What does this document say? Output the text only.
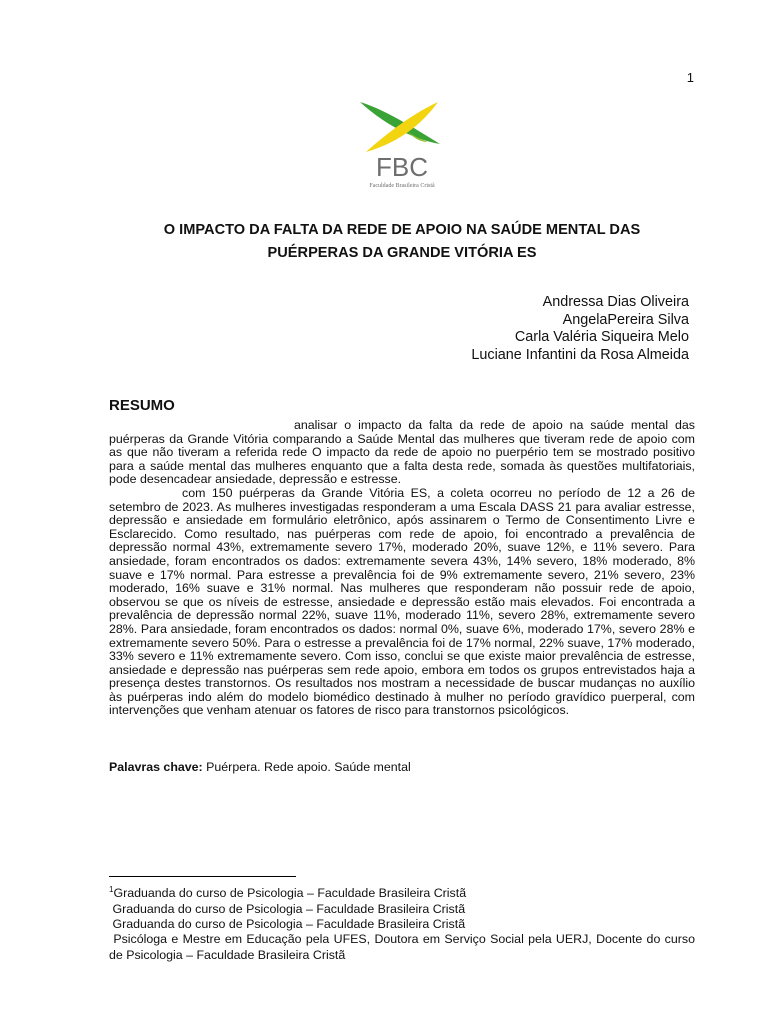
1
FBC
Faculdade Brasileira Cristã
O IMPACTO DA FALTA DA REDE DE APOIO NA SAÚDE MENTAL DAS
PUÉRPERAS DA GRANDE VITÓRIA ES
Andressa Dias Oliveira
AngelaPereira Silva
Carla Valéria Siqueira Melo
Luciane Infantini da Rosa Almeida
RESUMO

analisar o impacto da falta da rede de apoio na saúde mental das puérperas da Grande Vitória comparando a Saúde Mental das mulheres que tiveram rede de apoio com as que não tiveram a referida rede O impacto da rede de apoio no puerpério tem se mostrado positivo para a saúde mental das mulheres enquanto que a falta desta rede, somada às questões multifatoriais, pode desencadear ansiedade, depressão e estresse.

com 150 puérperas da Grande Vitória ES, a coleta ocorreu no período de 12 a 26 de setembro de 2023. As mulheres investigadas responderam a uma Escala DASS 21 para avaliar estresse, depressão e ansiedade em formulário eletrônico, após assinarem o Termo de Consentimento Livre e Esclarecido. Como resultado, nas puérperas com rede de apoio, foi encontrado a prevalência de depressão normal 43%, extremamente severo 17%, moderado 20%, suave 12%, e 11% severo. Para ansiedade, foram encontrados os dados: extremamente severa 43%, 14% severo, 18% moderado, 8% suave e 17% normal. Para estresse a prevalência foi de 9% extremamente severo, 21% severo, 23% moderado, 16% suave e 31% normal. Nas mulheres que responderam não possuir rede de apoio, observou se que os níveis de estresse, ansiedade e depressão estão mais elevados. Foi encontrada a prevalência de depressão normal 22%, suave 11%, moderado 11%, severo 28%, extremamente severo 28%. Para ansiedade, foram encontrados os dados: normal 0%, suave 6%, moderado 17%, severo 28% e extremamente severo 50%. Para o estresse a prevalência foi de 17% normal, 22% suave, 17% moderado, 33% severo e 11% extremamente severo. Com isso, conclui se que existe maior prevalência de estresse, ansiedade e depressão nas puérperas sem rede apoio, embora em todos os grupos entrevistados haja a presença destes transtornos. Os resultados nos mostram a necessidade de buscar mudanças no auxílio às puérperas indo além do modelo biomédico destinado à mulher no período gravídico puerperal, com intervenções que venham atenuar os fatores de risco para transtornos psicológicos.

Palavras chave: Puérpera. Rede apoio. Saúde mental

$^1$Graduanda do curso de Psicologia – Faculdade Brasileira Cristã

Graduanda do curso de Psicologia – Faculdade Brasileira Cristã

Graduanda do curso de Psicologia – Faculdade Brasileira Cristã

Psicóloga e Mestre em Educação pela UFES, Doutora em Serviço Social pela UERJ, Docente do curso de Psicologia – Faculdade Brasileira Cristã
